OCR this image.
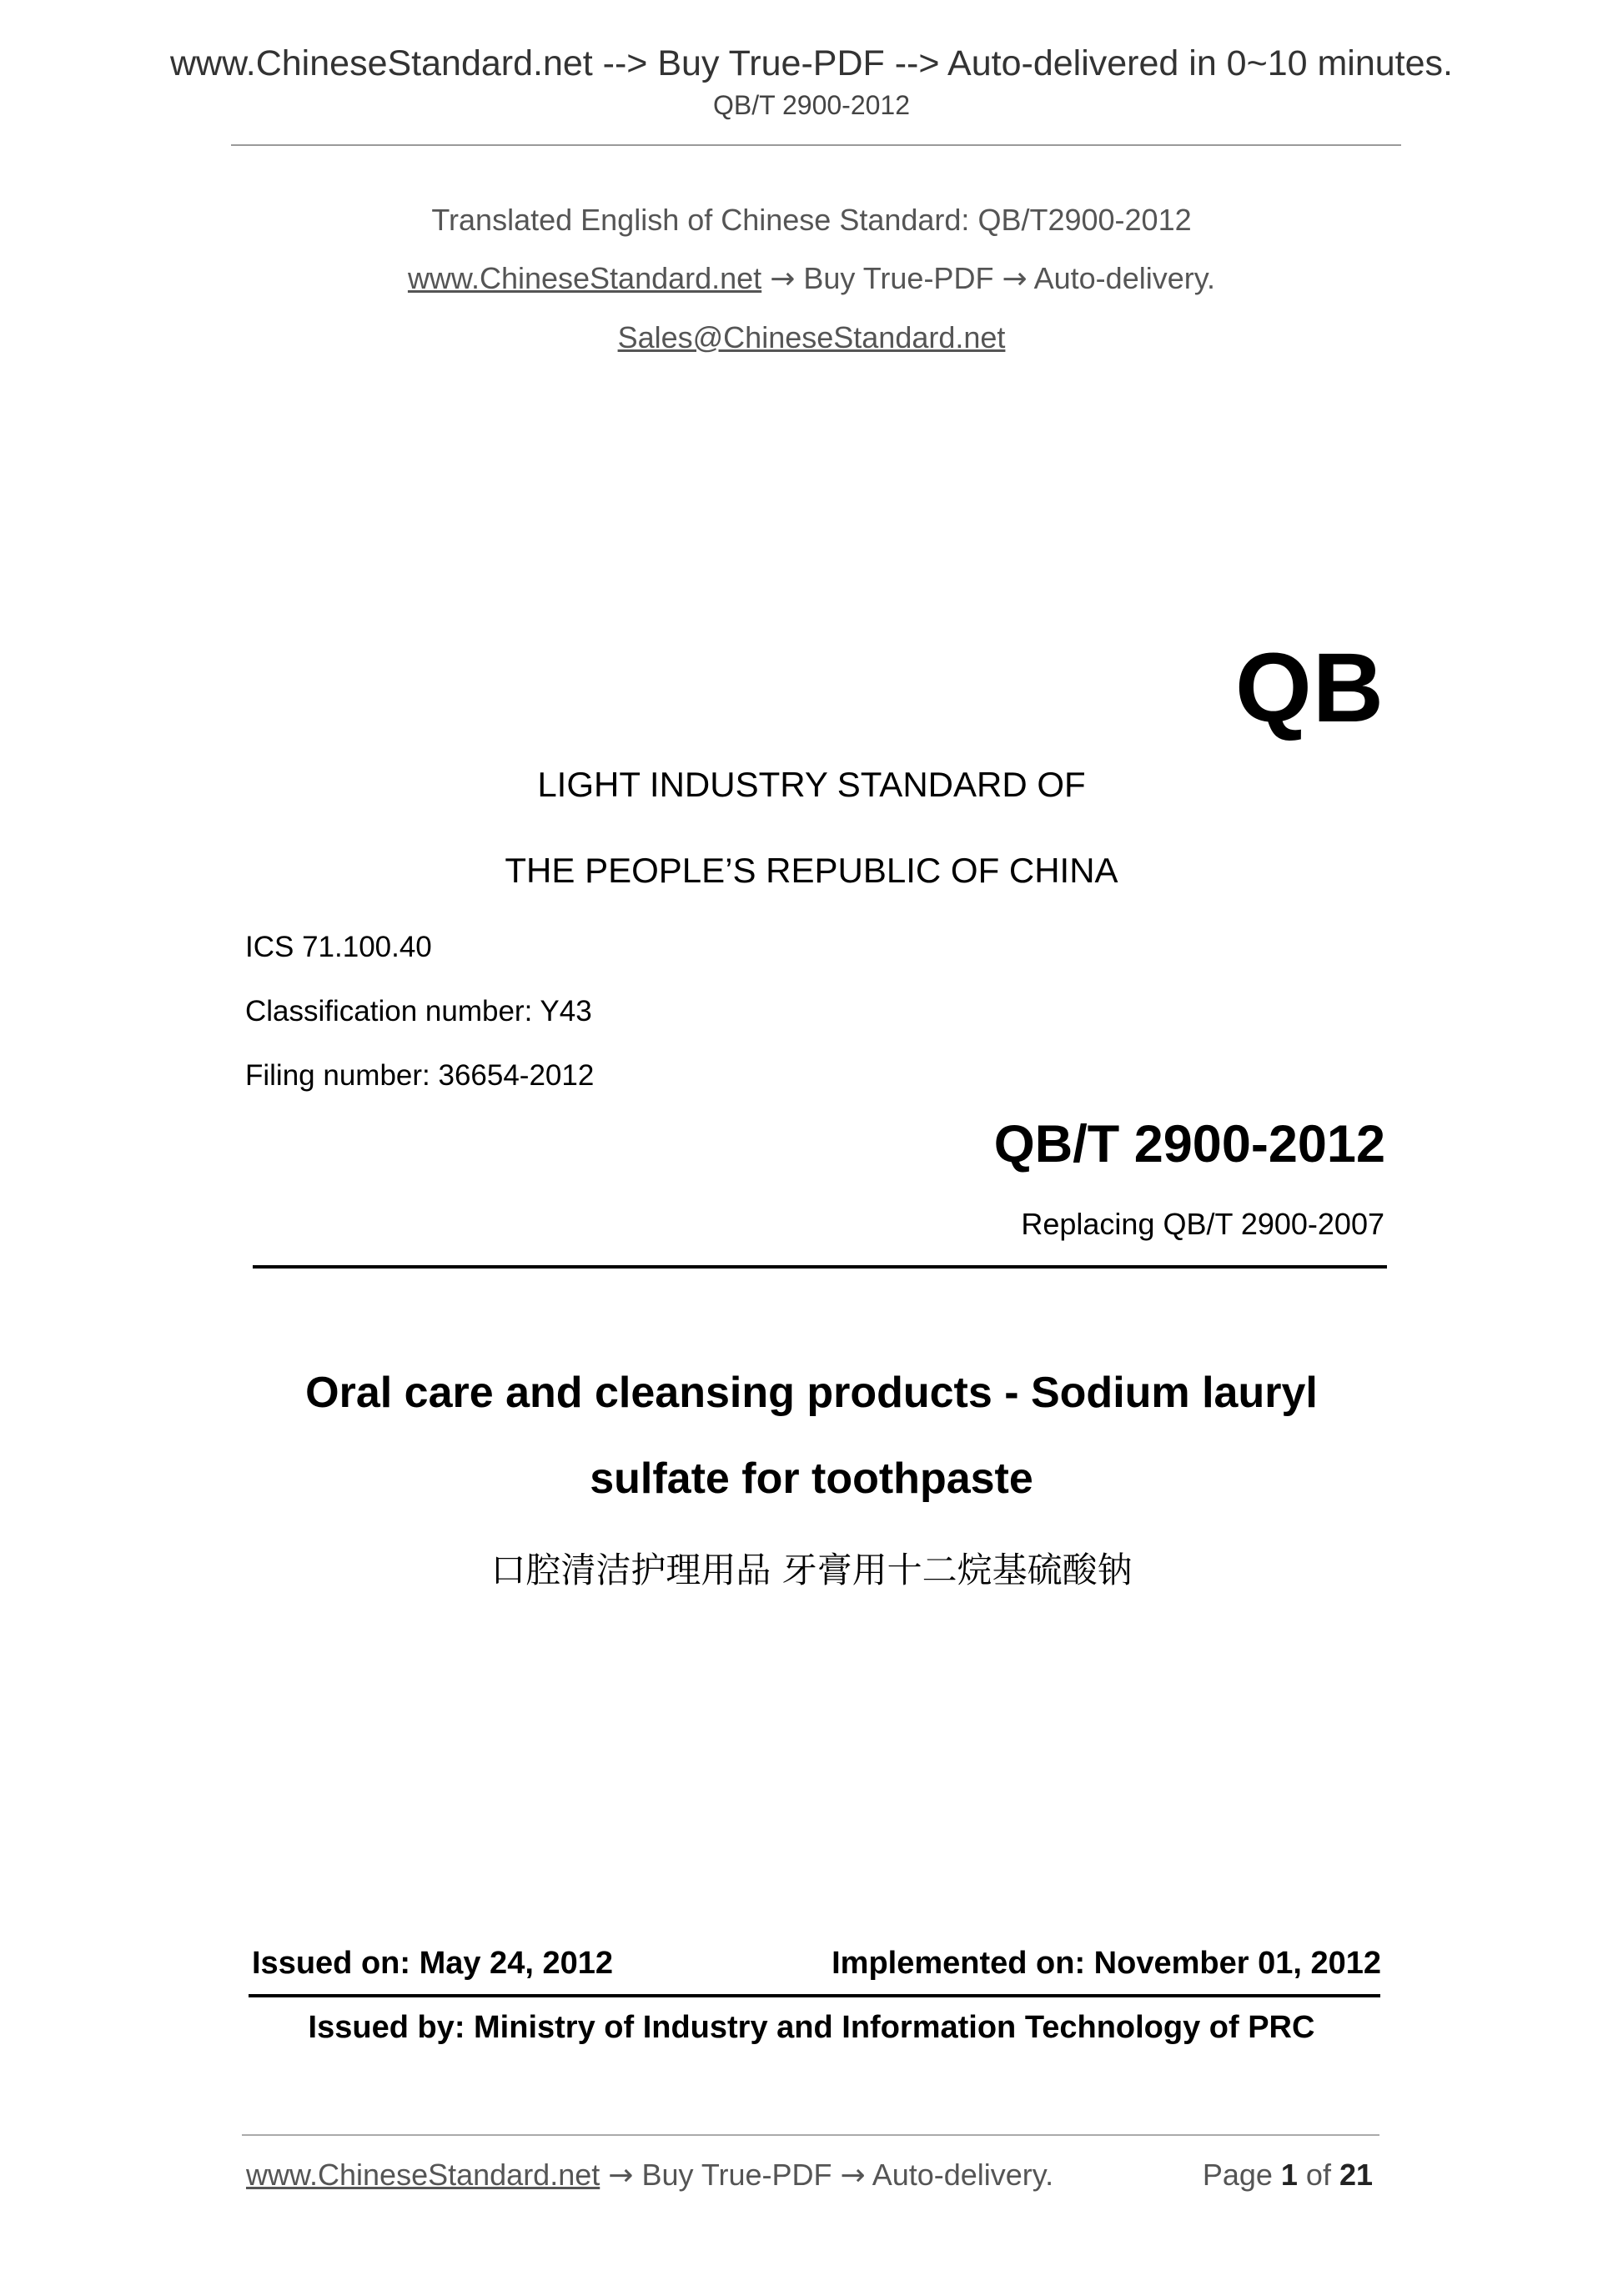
www.ChineseStandard.net --> Buy True-PDF --> Auto-delivered in 0~10 minutes.
QB/T 2900-2012
Translated English of Chinese Standard: QB/T2900-2012
www.ChineseStandard.net → Buy True-PDF → Auto-delivery.
Sales@ChineseStandard.net
QB
LIGHT INDUSTRY STANDARD OF
THE PEOPLE’S REPUBLIC OF CHINA
ICS 71.100.40
Classification number: Y43
Filing number: 36654-2012
QB/T 2900-2012
Replacing QB/T 2900-2007
Oral care and cleansing products - Sodium lauryl
sulfate for toothpaste
口腔清洁护理用品 牙膏用十二烷基硫酸钠
Issued on: May 24, 2012	Implemented on: November 01, 2012
Issued by: Ministry of Industry and Information Technology of PRC
www.ChineseStandard.net → Buy True-PDF → Auto-delivery.	Page 1 of 21
